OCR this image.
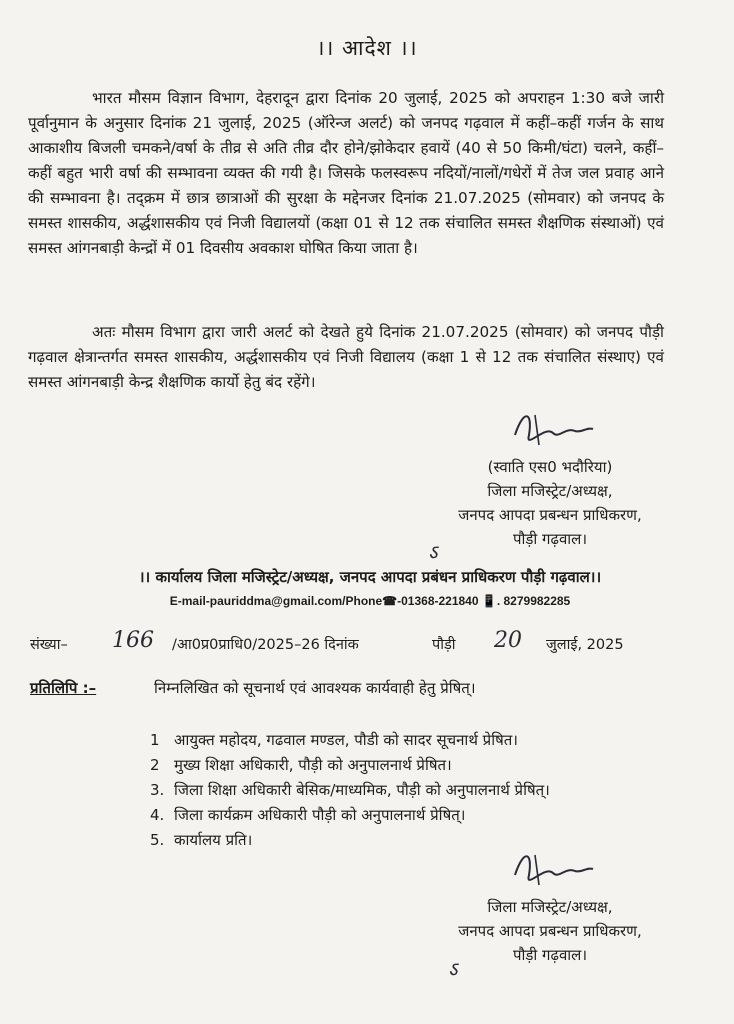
।। आदेश ।।
भारत मौसम विज्ञान विभाग, देहरादून द्वारा दिनांक 20 जुलाई, 2025 को अपराहन 1:30 बजे जारी पूर्वानुमान के अनुसार दिनांक 21 जुलाई, 2025 (ऑरेन्ज अलर्ट) को जनपद गढ़वाल में कहीं–कहीं गर्जन के साथ आकाशीय बिजली चमकने/वर्षा के तीव्र से अति तीव्र दौर होने/झोकेदार हवायें (40 से 50 किमी/घंटा) चलने, कहीं–कहीं बहुत भारी वर्षा की सम्भावना व्यक्त की गयी है। जिसके फलस्वरूप नदियों/नालों/गधेरों में तेज जल प्रवाह आने की सम्भावना है। तद्क्रम में छात्र छात्राओं की सुरक्षा के मद्देनजर दिनांक 21.07.2025 (सोमवार) को जनपद के समस्त शासकीय, अर्द्धशासकीय एवं निजी विद्यालयों (कक्षा 01 से 12 तक संचालित समस्त शैक्षणिक संस्थाओं) एवं समस्त आंगनबाड़ी केन्द्रों में 01 दिवसीय अवकाश घोषित किया जाता है।
अतः मौसम विभाग द्वारा जारी अलर्ट को देखते हुये दिनांक 21.07.2025 (सोमवार) को जनपद पौड़ी गढ़वाल क्षेत्रान्तर्गत समस्त शासकीय, अर्द्धशासकीय एवं निजी विद्यालय (कक्षा 1 से 12 तक संचालित संस्थाए) एवं समस्त आंगनबाड़ी केन्द्र शैक्षणिक कार्यो हेतु बंद रहेंगे।
(स्वाति एस0 भदौरिया)
जिला मजिस्ट्रेट/अध्यक्ष,
जनपद आपदा प्रबन्धन प्राधिकरण,
पौड़ी गढ़वाल।
ऽ
।। कार्यालय जिला मजिस्ट्रेट/अध्यक्ष, जनपद आपदा प्रबंधन प्राधिकरण पौड़ी गढ़वाल।।
E-mail-pauriddma@gmail.com/Phone☎-01368-221840 📱. 8279982285
संख्या– 166 /आ0प्र0प्राधि0/2025–26 दिनांक	पौड़ी 20 जुलाई, 2025
प्रतिलिपि :–	निम्नलिखित को सूचनार्थ एवं आवश्यक कार्यवाही हेतु प्रेषित्।
1 आयुक्त महोदय, गढवाल मण्डल, पौडी को सादर सूचनार्थ प्रेषित।
2 मुख्य शिक्षा अधिकारी, पौड़ी को अनुपालनार्थ प्रेषित।
3. जिला शिक्षा अधिकारी बेसिक/माध्यमिक, पौड़ी को अनुपालनार्थ प्रेषित्।
4. जिला कार्यक्रम अधिकारी पौड़ी को अनुपालनार्थ प्रेषित्।
5. कार्यालय प्रति।
जिला मजिस्ट्रेट/अध्यक्ष,
जनपद आपदा प्रबन्धन प्राधिकरण,
पौड़ी गढ़वाल।
ऽ
